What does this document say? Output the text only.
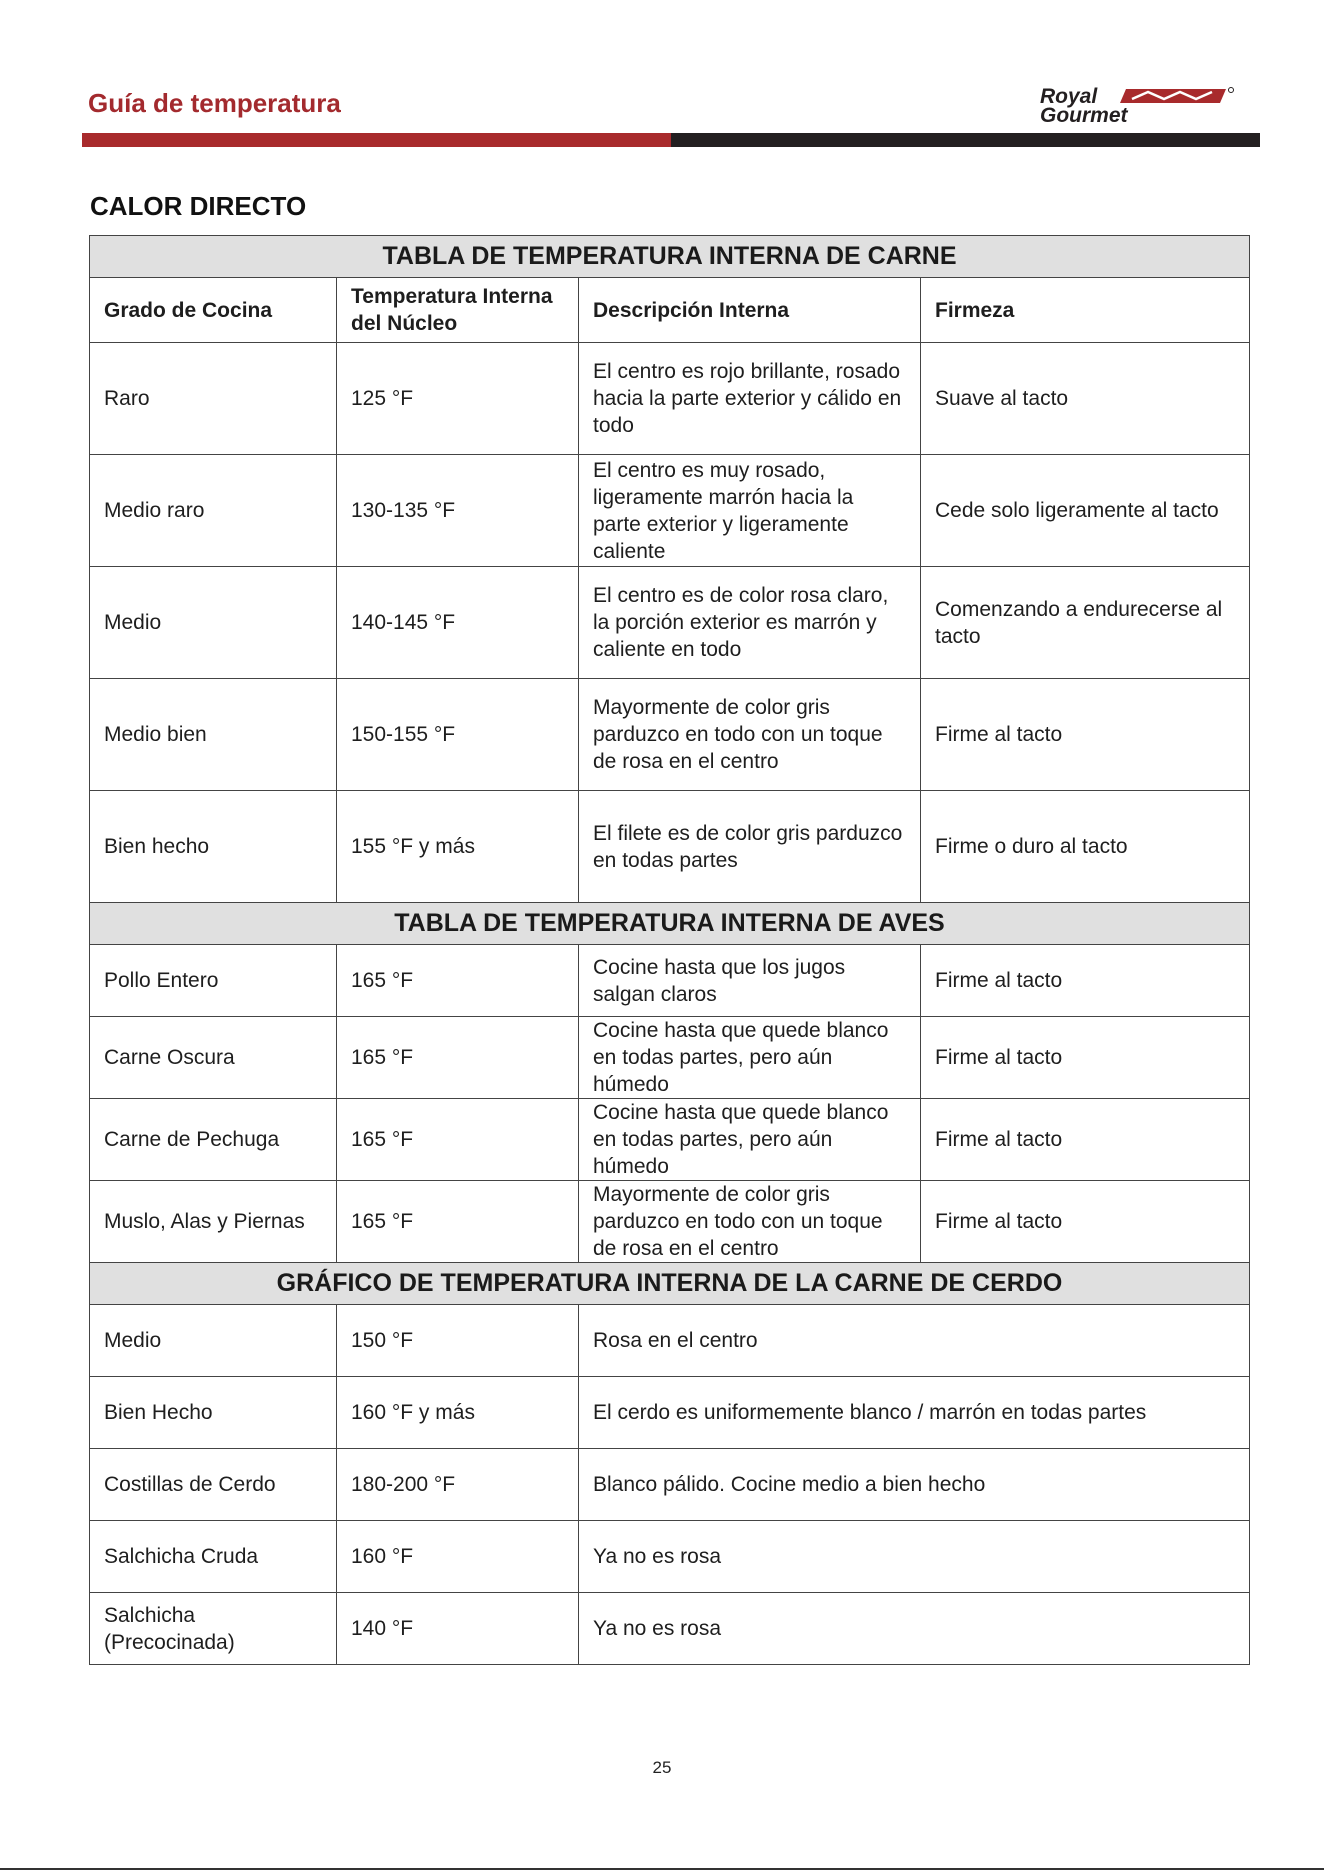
Guía de temperatura	Royal
Gourmet
CALOR DIRECTO
TABLA DE TEMPERATURA INTERNA DE CARNE			
Grado de Cocina	Temperatura Interna del Núcleo	Descripción Interna	Firmeza
Raro	125 °F	El centro es rojo brillante, rosado hacia la parte exterior y cálido en todo	Suave al tacto
Medio raro	130-135 °F	El centro es muy rosado, ligeramente marrón hacia la parte exterior y ligeramente caliente	Cede solo ligeramente al tacto
Medio	140-145 °F	El centro es de color rosa claro, la porción exterior es marrón y caliente en todo	Comenzando a endurecerse al tacto
Medio bien	150-155 °F	Mayormente de color gris parduzco en todo con un toque de rosa en el centro	Firme al tacto
Bien hecho	155 °F y más	El filete es de color gris parduzco en todas partes	Firme o duro al tacto
TABLA DE TEMPERATURA INTERNA DE AVES			
Pollo Entero	165 °F	Cocine hasta que los jugos salgan claros	Firme al tacto
Carne Oscura	165 °F	Cocine hasta que quede blanco en todas partes, pero aún húmedo	Firme al tacto
Carne de Pechuga	165 °F	Cocine hasta que quede blanco en todas partes, pero aún húmedo	Firme al tacto
Muslo, Alas y Piernas	165 °F	Mayormente de color gris parduzco en todo con un toque de rosa en el centro	Firme al tacto
GRÁFICO DE TEMPERATURA INTERNA DE LA CARNE DE CERDO			
Medio	150 °F	Rosa en el centro	
Bien Hecho	160 °F y más	El cerdo es uniformemente blanco / marrón en todas partes	
Costillas de Cerdo	180-200 °F	Blanco pálido. Cocine medio a bien hecho	
Salchicha Cruda	160 °F	Ya no es rosa	
Salchicha (Precocinada)	140 °F	Ya no es rosa	
25
